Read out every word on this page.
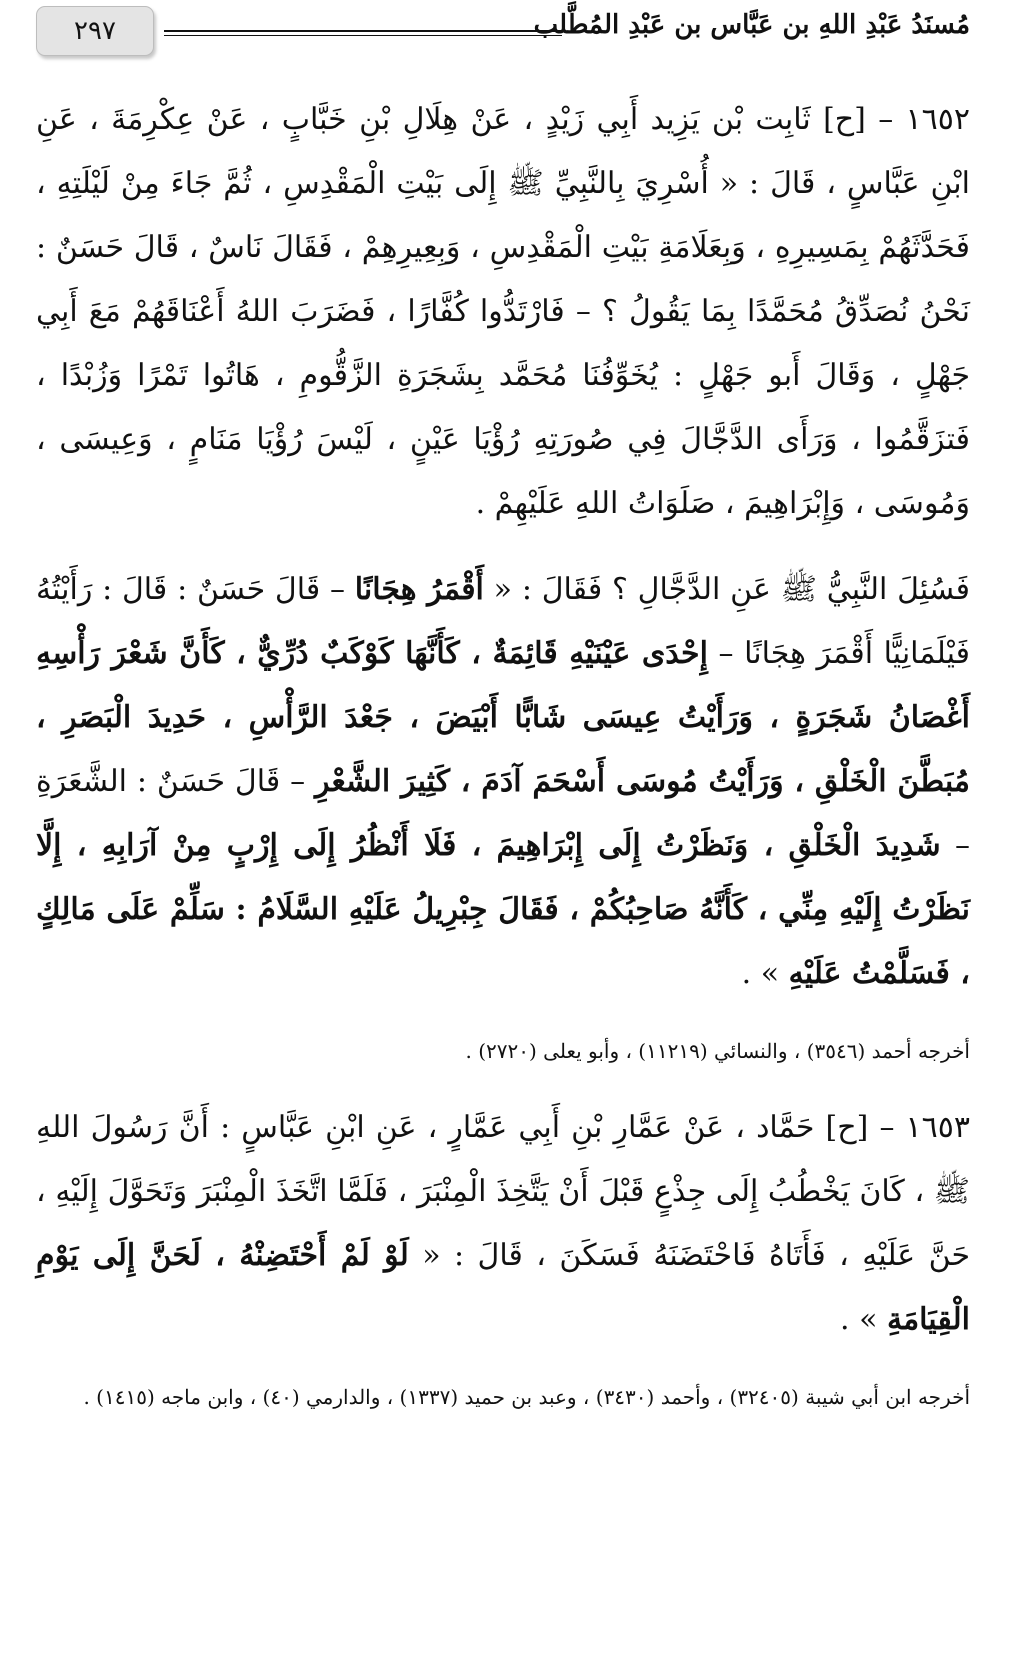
٢٩٧	مُسنَدُ عَبْدِ اللهِ بن عَبَّاس بن عَبْدِ المُطَّلب

١٦٥٢ – [ح] ثَابِت بْن يَزِيد أَبِي زَيْدٍ ، عَنْ هِلَالِ بْنِ خَبَّابٍ ، عَنْ عِكْرِمَةَ ، عَنِ ابْنِ عَبَّاسٍ ، قَالَ : « أُسْرِيَ بِالنَّبِيِّ ﷺ إِلَى بَيْتِ الْمَقْدِسِ ، ثُمَّ جَاءَ مِنْ لَيْلَتِهِ ، فَحَدَّثَهُمْ بِمَسِيرِهِ ، وَبِعَلَامَةِ بَيْتِ الْمَقْدِسِ ، وَبِعِيرِهِمْ ، فَقَالَ نَاسٌ ، قَالَ حَسَنٌ : نَحْنُ نُصَدِّقُ مُحَمَّدًا بِمَا يَقُولُ ؟ – فَارْتَدُّوا كُفَّارًا ، فَضَرَبَ اللهُ أَعْنَاقَهُمْ مَعَ أَبِي جَهْلٍ ، وَقَالَ أَبو جَهْلٍ : يُخَوِّفُنَا مُحَمَّد بِشَجَرَةِ الزَّقُّومِ ، هَاتُوا تَمْرًا وَزُبْدًا ، فَتزَقَّمُوا ، وَرَأَى الدَّجَّالَ فِي صُورَتِهِ رُؤْيَا عَيْنٍ ، لَيْسَ رُؤْيَا مَنَامٍ ، وَعِيسَى ، وَمُوسَى ، وَإِبْرَاهِيمَ ، صَلَوَاتُ اللهِ عَلَيْهِمْ .

فَسُئِلَ النَّبِيُّ ﷺ عَنِ الدَّجَّالِ ؟ فَقَالَ : « أَقْمَرُ هِجَانًا – قَالَ حَسَنٌ : قَالَ : رَأَيْتُهُ فَيْلَمَانِيًّا أَقْمَرَ هِجَانًا – إِحْدَى عَيْنَيْهِ قَائِمَةٌ ، كَأَنَّهَا كَوْكَبٌ دُرِّيٌّ ، كَأَنَّ شَعْرَ رَأْسِهِ أَغْصَانُ شَجَرَةٍ ، وَرَأَيْتُ عِيسَى شَابًّا أَبْيَضَ ، جَعْدَ الرَّأْسِ ، حَدِيدَ الْبَصَرِ ، مُبَطَّنَ الْخَلْقِ ، وَرَأَيْتُ مُوسَى أَسْحَمَ آدَمَ ، كَثِيرَ الشَّعْرِ – قَالَ حَسَنٌ : الشَّعَرَةِ – شَدِيدَ الْخَلْقِ ، وَنَظَرْتُ إِلَى إِبْرَاهِيمَ ، فَلَا أَنْظُرُ إِلَى إِرْبٍ مِنْ آرَابِهِ ، إِلَّا نَظَرْتُ إِلَيْهِ مِنِّي ، كَأَنَّهُ صَاحِبُكُمْ ، فَقَالَ جِبْرِيلُ عَلَيْهِ السَّلَامُ : سَلِّمْ عَلَى مَالِكٍ ، فَسَلَّمْتُ عَلَيْهِ » .

أخرجه أحمد (٣٥٤٦) ، والنسائي (١١٢١٩) ، وأبو يعلى (٢٧٢٠) .

١٦٥٣ – [ح] حَمَّاد ، عَنْ عَمَّارِ بْنِ أَبِي عَمَّارٍ ، عَنِ ابْنِ عَبَّاسٍ : أَنَّ رَسُولَ اللهِ ﷺ ، كَانَ يَخْطُبُ إِلَى جِذْعٍ قَبْلَ أَنْ يَتَّخِذَ الْمِنْبَرَ ، فَلَمَّا اتَّخَذَ الْمِنْبَرَ وَتَحَوَّلَ إِلَيْهِ ، حَنَّ عَلَيْهِ ، فَأَتَاهُ فَاحْتَضَنَهُ فَسَكَنَ ، قَالَ : « لَوْ لَمْ أَحْتَضِنْهُ ، لَحَنَّ إِلَى يَوْمِ الْقِيَامَةِ » .

أخرجه ابن أبي شيبة (٣٢٤٠٥) ، وأحمد (٣٤٣٠) ، وعبد بن حميد (١٣٣٧) ، والدارمي (٤٠) ، وابن ماجه (١٤١٥) .
